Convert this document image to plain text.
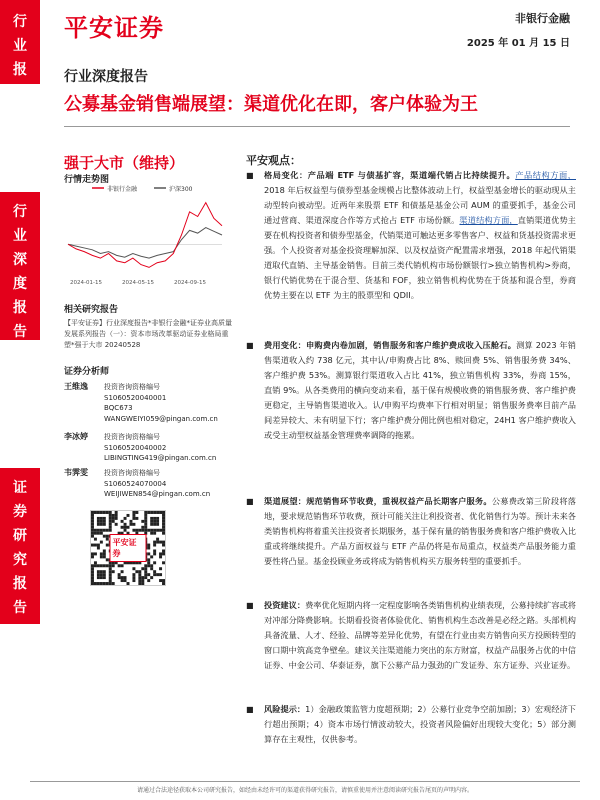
行业报告
行业深度报告
证券研究报告
平安证券	非银行金融
2025 年 01 月 15 日
行业深度报告
公募基金销售端展望：渠道优化在即，客户体验为王
强于大市（维持）
行情走势图
非银行金融	沪深300
2024-01-15	2024-05-15	2024-09-15
相关研究报告
【平安证券】行业深度报告*非银行金融*证券业高质量发展系列报告（一）：资本市场改革驱动证券业格局重塑*强于大市 20240528
证券分析师
王维逸 投资咨询资格编号
S1060520040001
BQC673
WANGWEIYI059@pingan.com.cn
李冰婷 投资咨询资格编号
S1060520040002
LIBINGTING419@pingan.com.cn
韦霁雯 投资咨询资格编号
S1060524070004
WEIJIWEN854@pingan.com.cn
平安证券
平安观点：
■ 格局变化：产品端 ETF 与债基扩容，渠道端代销占比持续提升。产品结构方面，2018 年后权益型与债券型基金规模占比整体波动上行，权益型基金增长的驱动现从主动型转向被动型。近两年来股票 ETF 和债基是基金公司 AUM 的重要抓手，基金公司通过营商、渠道深度合作等方式抢占 ETF 市场份额。渠道结构方面，直销渠道优势主要在机构投资者和债券型基金，代销渠道可触达更多零售客户、权益和货基投资需求更强。个人投资者对基金投资理解加深、以及权益资产配置需求增强，2018 年起代销渠道取代直销、主导基金销售。目前三类代销机构市场份额银行>独立销售机构>券商，银行代销优势在于混合型、货基和 FOF，独立销售机构优势在于货基和混合型，券商优势主要在以 ETF 为主的股票型和 QDII。
■ 费用变化：申购费内卷加剧，销售服务和客户维护费成收入压舱石。测算 2023 年销售渠道收入约 738 亿元，其中认/申购费占比 8%、赎回费 5%、销售服务费 34%、客户维护费 53%。测算银行渠道收入占比 41%，独立销售机构 33%，券商 15%，直销 9%。从各类费用的横向变动来看，基于保有规模收费的销售服务费、客户维护费更稳定，主导销售渠道收入。认/申购平均费率下行相对明显；销售服务费率目前产品间差异较大、未有明显下行；客户维护费分佣比例也相对稳定，24H1 客户维护费收入或受主动型权益基金管理费率调降的拖累。
■ 渠道展望：规范销售环节收费，重视权益产品长期客户服务。公募费改第三阶段将落地，要求规范销售环节收费，预计可能关注让利投资者、优化销售行为等。预计未来各类销售机构将着重关注投资者长期服务，基于保有量的销售服务费和客户维护费收入比重或将继续提升。产品方面权益与 ETF 产品仍将是布局重点，权益类产品服务能力重要性将凸显。基金投顾业务或将成为销售机构买方服务转型的重要抓手。
■ 投资建议：费率优化短期内将一定程度影响各类销售机构业绩表现，公募持续扩容或将对冲部分降费影响。长期看投资者体验优化、销售机构生态改善是必经之路。头部机构具备流量、人才、经验、品牌等差异化优势，有望在行业由卖方销售向买方投顾转型的窗口期中筑高竞争壁垒。建议关注渠道能力突出的东方财富，权益产品服务占优的中信证券、中金公司、华泰证券，旗下公募产品力强劲的广发证券、东方证券、兴业证券。
■ 风险提示：1）金融政策监管力度超预期；2）公募行业竞争空前加剧；3）宏观经济下行超出预期；4）资本市场行情波动较大，投资者风险偏好出现较大变化；5）部分测算存在主观性，仅供参考。
请通过合法途径获取本公司研究报告，如经由未经许可的渠道获得研究报告，请慎重使用并注意阅读研究报告尾页的声明内容。
